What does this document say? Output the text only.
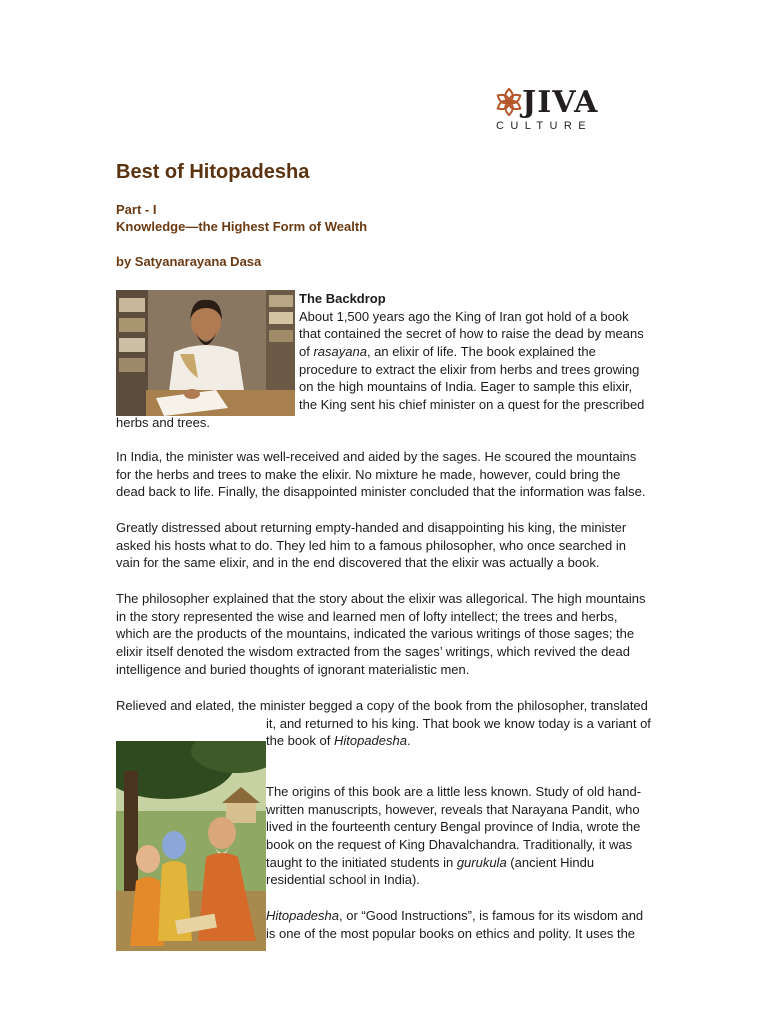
JIVA
CULTURE
Best of Hitopadesha
Part - I
Knowledge—the Highest Form of Wealth
by Satyanarayana Dasa
The Backdrop
About 1,500 years ago the King of Iran got hold of a book
that contained the secret of how to raise the dead by means
of rasayana, an elixir of life. The book explained the
procedure to extract the elixir from herbs and trees growing
on the high mountains of India. Eager to sample this elixir,
the King sent his chief minister on a quest for the prescribed
herbs and trees.
In India, the minister was well-received and aided by the sages. He scoured the mountains
for the herbs and trees to make the elixir. No mixture he made, however, could bring the
dead back to life. Finally, the disappointed minister concluded that the information was false.
Greatly distressed about returning empty-handed and disappointing his king, the minister
asked his hosts what to do. They led him to a famous philosopher, who once searched in
vain for the same elixir, and in the end discovered that the elixir was actually a book.
The philosopher explained that the story about the elixir was allegorical. The high mountains
in the story represented the wise and learned men of lofty intellect; the trees and herbs,
which are the products of the mountains, indicated the various writings of those sages; the
elixir itself denoted the wisdom extracted from the sages’ writings, which revived the dead
intelligence and buried thoughts of ignorant materialistic men.
Relieved and elated, the minister begged a copy of the book from the philosopher, translated
it, and returned to his king. That book we know today is a variant of
the book of Hitopadesha.
The origins of this book are a little less known. Study of old hand-
written manuscripts, however, reveals that Narayana Pandit, who
lived in the fourteenth century Bengal province of India, wrote the
book on the request of King Dhavalchandra. Traditionally, it was
taught to the initiated students in gurukula (ancient Hindu
residential school in India).
Hitopadesha, or “Good Instructions”, is famous for its wisdom and
is one of the most popular books on ethics and polity. It uses the
